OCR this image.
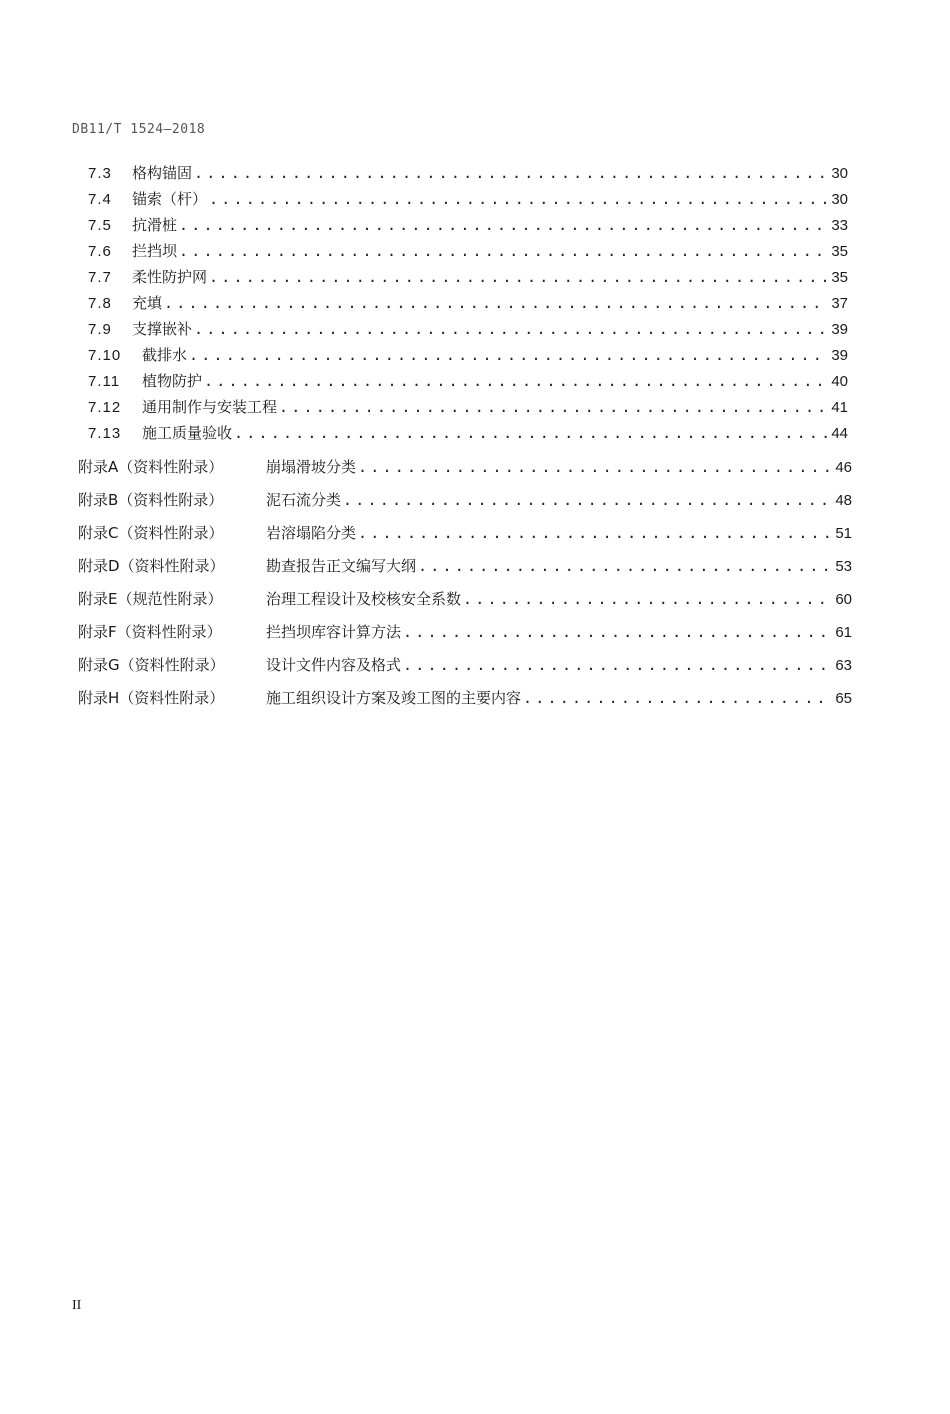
DB11/T 1524—2018
7.3	格构锚固 .....	30
7.4	锚索（杆） .....	30
7.5	抗滑桩 .....	33
7.6	拦挡坝 .....	35
7.7	柔性防护网 .....	35
7.8	充填 .....	37
7.9	支撑嵌补 .....	39
7.10	截排水 .....	39
7.11	植物防护 .....	40
7.12	通用制作与安装工程 .....	41
7.13	施工质量验收 .....	44
附录A（资料性附录）	崩塌滑坡分类 .....	46
附录B（资料性附录）	泥石流分类 .....	48
附录C（资料性附录）	岩溶塌陷分类 .....	51
附录D（资料性附录）	勘查报告正文编写大纲 .....	53
附录E（规范性附录）	治理工程设计及校核安全系数 .....	60
附录F（资料性附录）	拦挡坝库容计算方法 .....	61
附录G（资料性附录）	设计文件内容及格式 .....	63
附录H（资料性附录）	施工组织设计方案及竣工图的主要内容 .....	65
II
